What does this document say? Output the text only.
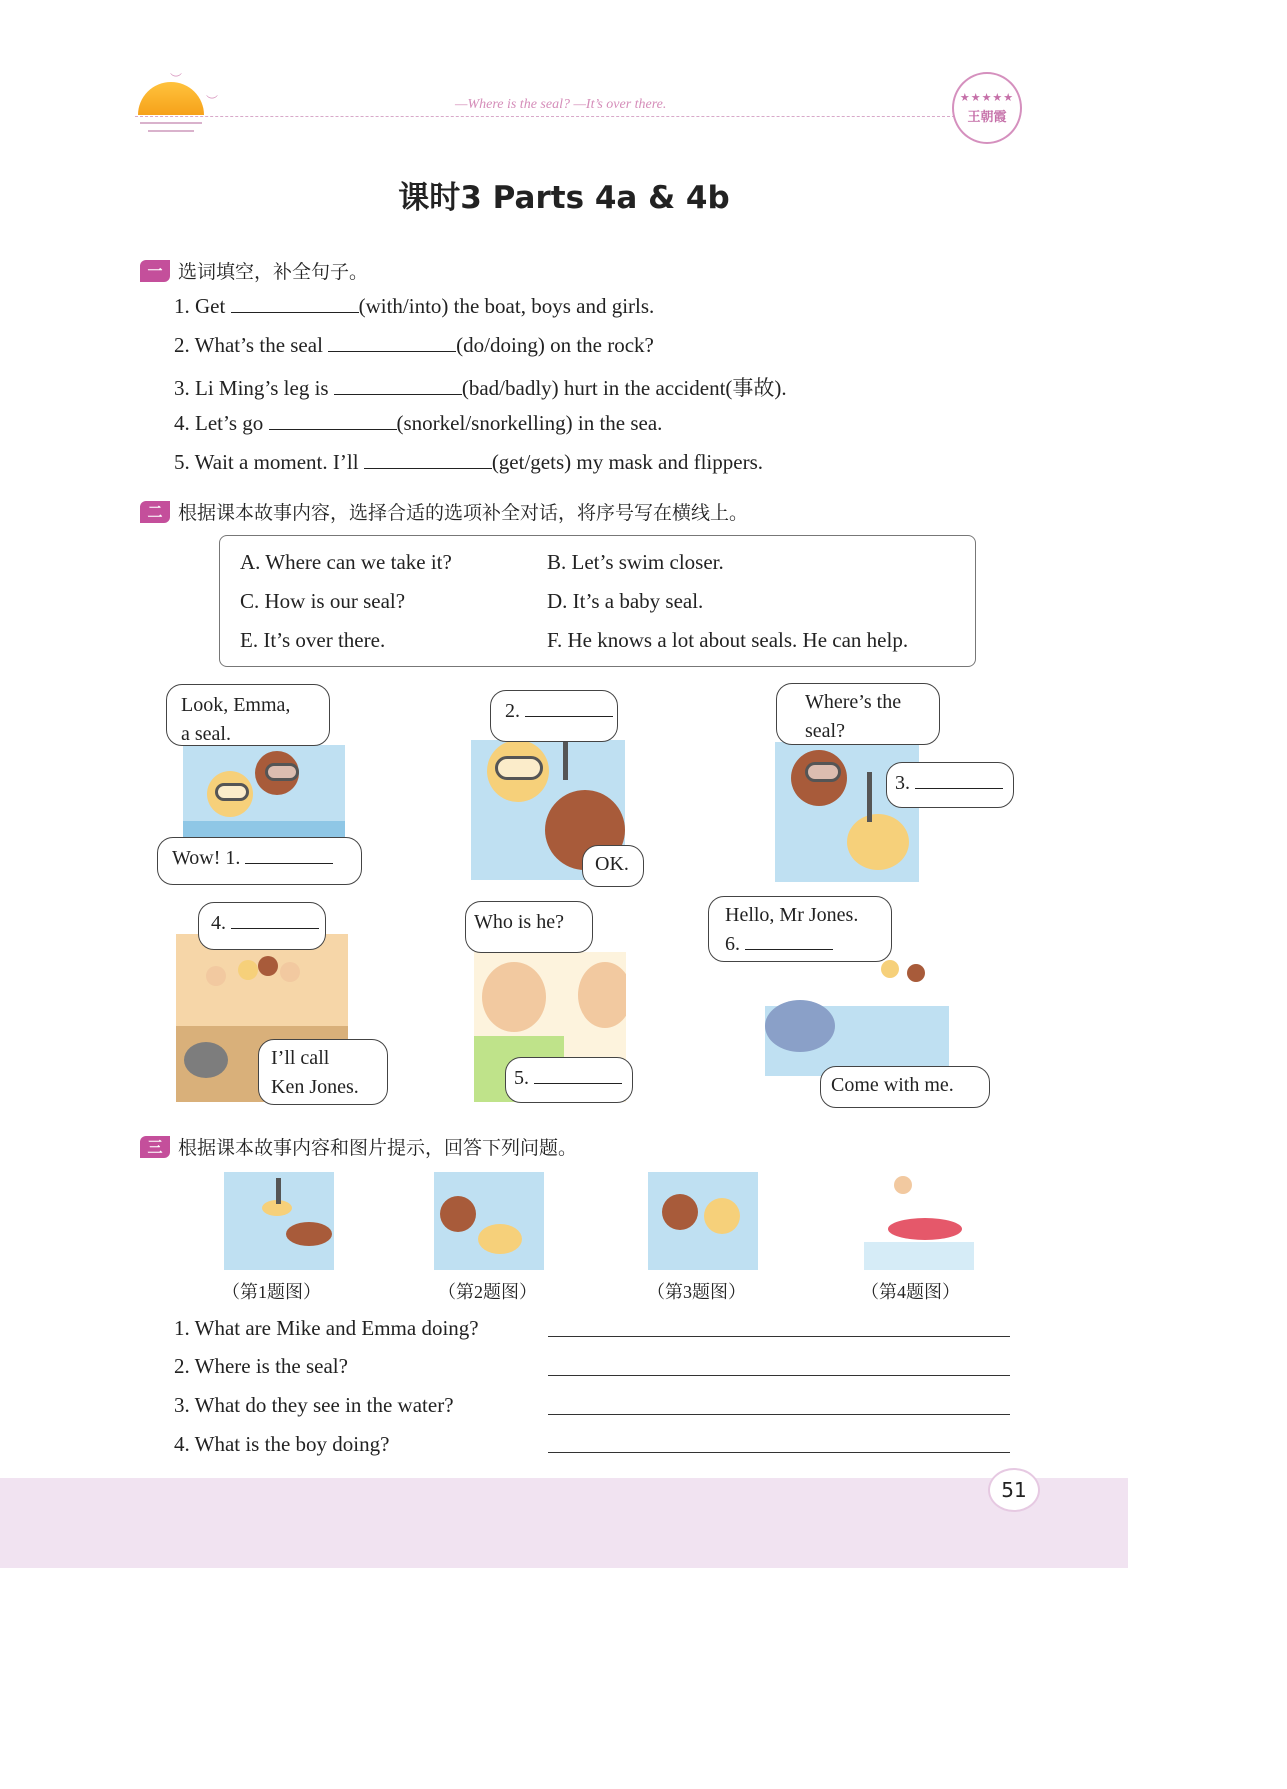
︶
︶	—Where is the seal? —It’s over there.	★★★★★
王朝霞
课时3 Parts 4a & 4b
一 选词填空，补全句子。
1. Get	(with/into) the boat, boys and girls.
2. What’s the seal	(do/doing) on the rock?
3. Li Ming’s leg is	(bad/badly) hurt in the accident(事故).
4. Let’s go	(snorkel/snorkelling) in the sea.
5. Wait a moment. I’ll	(get/gets) my mask and flippers.
二 根据课本故事内容，选择合适的选项补全对话，将序号写在横线上。
A. Where can we take it?	B. Let’s swim closer.
C. How is our seal?	D. It’s a baby seal.
E. It’s over there.	F. He knows a lot about seals. He can help.
Look, Emma,
a seal.
Wow! 1.
2.
OK.
Where’s the
seal?
3.
4.
I’ll call
Ken Jones.
Who is he?
5.
Hello, Mr Jones.
6.
Come with me.
三 根据课本故事内容和图片提示，回答下列问题。
（第1题图）	（第2题图）	（第3题图）	（第4题图）
1. What are Mike and Emma doing?
2. Where is the seal?
3. What do they see in the water?
4. What is the boy doing?
51
